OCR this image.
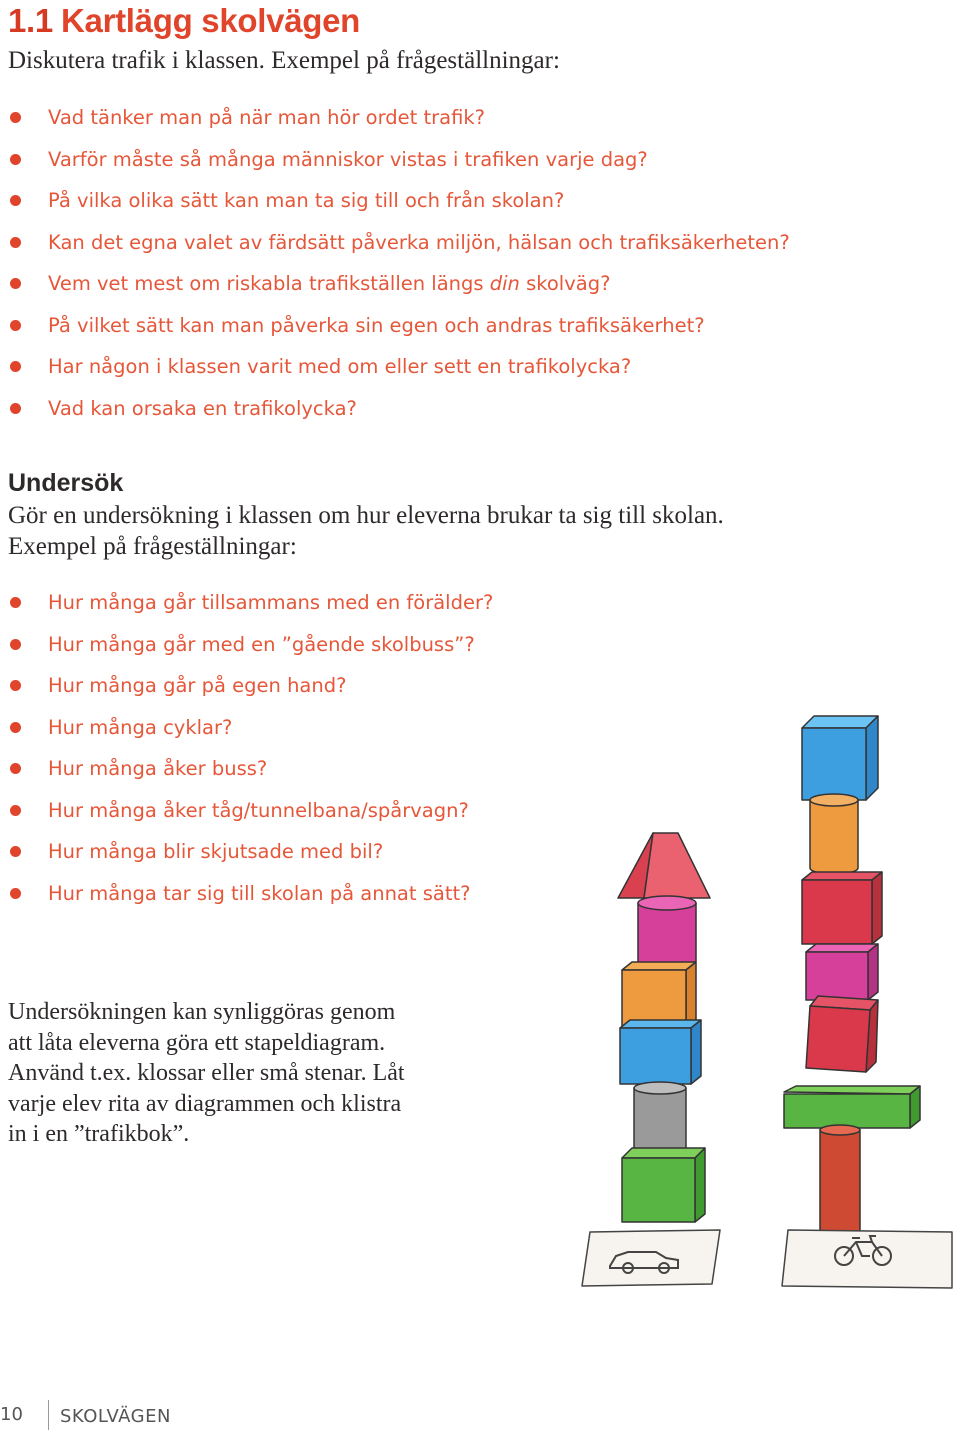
1.1 Kartlägg skolvägen

Diskutera trafik i klassen. Exempel på frågeställningar:

Vad tänker man på när man hör ordet trafik?
Varför måste så många människor vistas i trafiken varje dag?
På vilka olika sätt kan man ta sig till och från skolan?
Kan det egna valet av färdsätt påverka miljön, hälsan och trafiksäkerheten?
Vem vet mest om riskabla trafikställen längs din skolväg?
På vilket sätt kan man påverka sin egen och andras trafiksäkerhet?
Har någon i klassen varit med om eller sett en trafikolycka?
Vad kan orsaka en trafikolycka?
Undersök

Gör en undersökning i klassen om hur eleverna brukar ta sig till skolan.
Exempel på frågeställningar:

Hur många går tillsammans med en förälder?
Hur många går med en ”gående skolbuss”?
Hur många går på egen hand?
Hur många cyklar?
Hur många åker buss?
Hur många åker tåg/tunnelbana/spårvagn?
Hur många blir skjutsade med bil?
Hur många tar sig till skolan på annat sätt?

Undersökningen kan synliggöras genom
att låta eleverna göra ett stapeldiagram.
Använd t.ex. klossar eller små stenar. Låt
varje elev rita av diagrammen och klistra
in i en ”trafikbok”.

10 SKOLVÄGEN
